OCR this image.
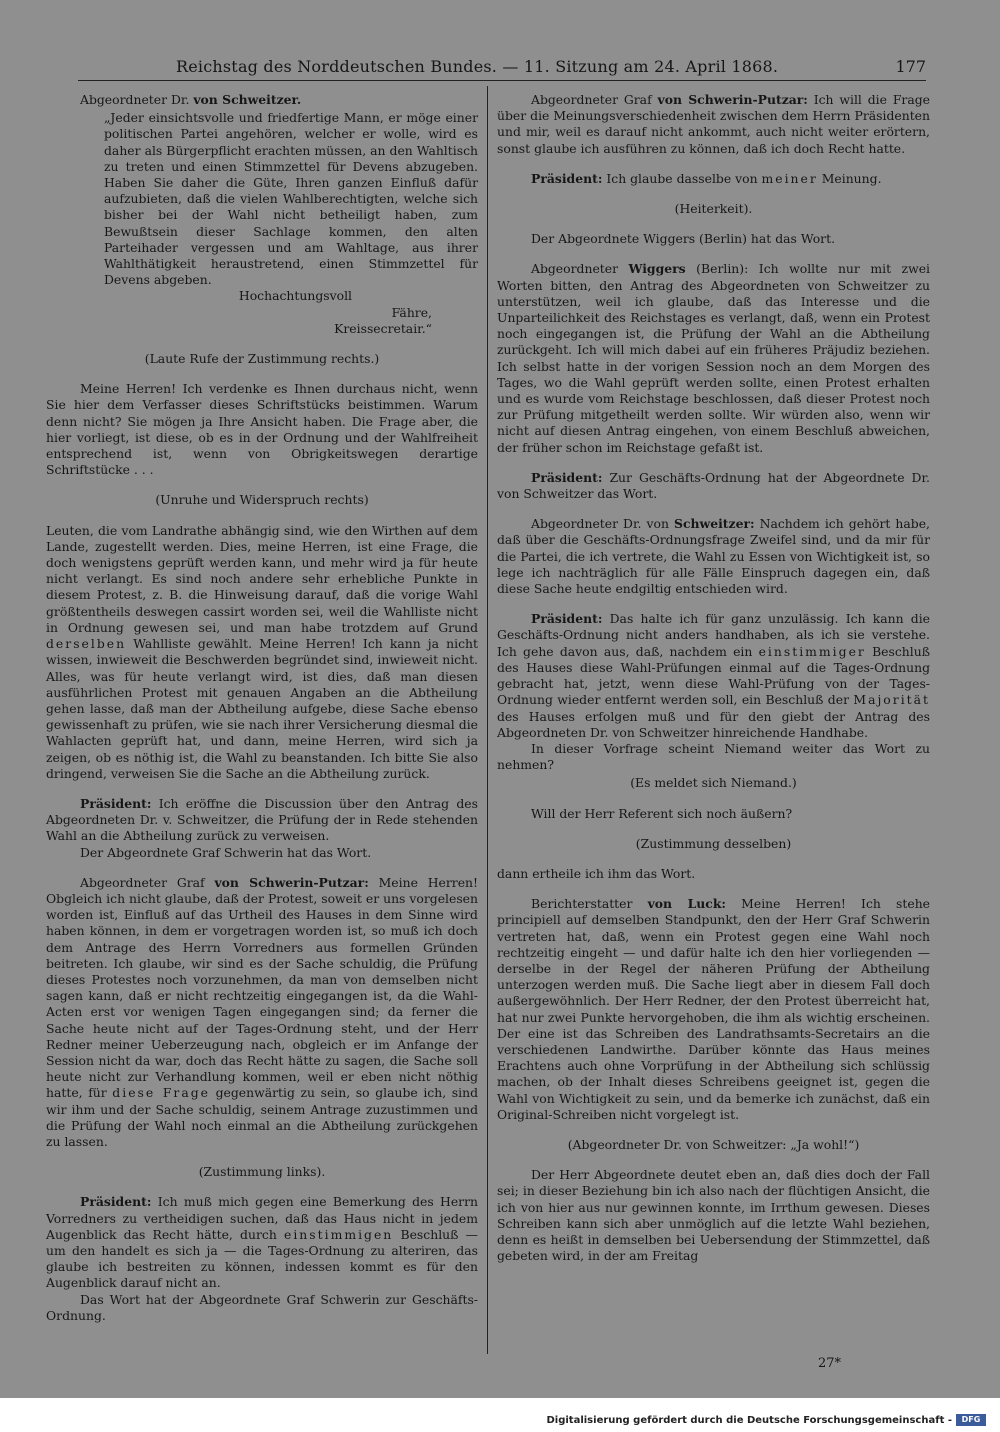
Reichstag des Norddeutschen Bundes. — 11. Sitzung am 24. April 1868.	177
Abgeordneter Dr. von Schweitzer.
„Jeder einsichtsvolle und friedfertige Mann, er möge einer politischen Partei angehören, welcher er wolle, wird es daher als Bürgerpflicht erachten müssen, an den Wahltisch zu treten und einen Stimmzettel für Devens abzugeben. Haben Sie daher die Güte, Ihren ganzen Einfluß dafür aufzubieten, daß die vielen Wahlberechtigten, welche sich bisher bei der Wahl nicht betheiligt haben, zum Bewußtsein dieser Sachlage kommen, den alten Parteihader vergessen und am Wahltage, aus ihrer Wahlthätigkeit heraustretend, einen Stimmzettel für Devens abgeben.
Hochachtungsvoll
Fähre,
Kreissecretair.“
(Laute Rufe der Zustimmung rechts.)
Meine Herren! Ich verdenke es Ihnen durchaus nicht, wenn Sie hier dem Verfasser dieses Schriftstücks beistimmen. Warum denn nicht? Sie mögen ja Ihre Ansicht haben. Die Frage aber, die hier vorliegt, ist diese, ob es in der Ordnung und der Wahlfreiheit entsprechend ist, wenn von Obrigkeitswegen derartige Schriftstücke . . .
(Unruhe und Widerspruch rechts)
Leuten, die vom Landrathe abhängig sind, wie den Wirthen auf dem Lande, zugestellt werden. Dies, meine Herren, ist eine Frage, die doch wenigstens geprüft werden kann, und mehr wird ja für heute nicht verlangt. Es sind noch andere sehr erhebliche Punkte in diesem Protest, z. B. die Hinweisung darauf, daß die vorige Wahl größtentheils deswegen cassirt worden sei, weil die Wahlliste nicht in Ordnung gewesen sei, und man habe trotzdem auf Grund derselben Wahlliste gewählt. Meine Herren! Ich kann ja nicht wissen, inwieweit die Beschwerden begründet sind, inwieweit nicht. Alles, was für heute verlangt wird, ist dies, daß man diesen ausführlichen Protest mit genauen Angaben an die Abtheilung gehen lasse, daß man der Abtheilung aufgebe, diese Sache ebenso gewissenhaft zu prüfen, wie sie nach ihrer Versicherung diesmal die Wahlacten geprüft hat, und dann, meine Herren, wird sich ja zeigen, ob es nöthig ist, die Wahl zu beanstanden. Ich bitte Sie also dringend, verweisen Sie die Sache an die Abtheilung zurück.
Präsident: Ich eröffne die Discussion über den Antrag des Abgeordneten Dr. v. Schweitzer, die Prüfung der in Rede stehenden Wahl an die Abtheilung zurück zu verweisen.
Der Abgeordnete Graf Schwerin hat das Wort.
Abgeordneter Graf von Schwerin-Putzar: Meine Herren! Obgleich ich nicht glaube, daß der Protest, soweit er uns vorgelesen worden ist, Einfluß auf das Urtheil des Hauses in dem Sinne wird haben können, in dem er vorgetragen worden ist, so muß ich doch dem Antrage des Herrn Vorredners aus formellen Gründen beitreten. Ich glaube, wir sind es der Sache schuldig, die Prüfung dieses Protestes noch vorzunehmen, da man von demselben nicht sagen kann, daß er nicht rechtzeitig eingegangen ist, da die Wahl-Acten erst vor wenigen Tagen eingegangen sind; da ferner die Sache heute nicht auf der Tages-Ordnung steht, und der Herr Redner meiner Ueberzeugung nach, obgleich er im Anfange der Session nicht da war, doch das Recht hätte zu sagen, die Sache soll heute nicht zur Verhandlung kommen, weil er eben nicht nöthig hatte, für diese Frage gegenwärtig zu sein, so glaube ich, sind wir ihm und der Sache schuldig, seinem Antrage zuzustimmen und die Prüfung der Wahl noch einmal an die Abtheilung zurückgehen zu lassen.
(Zustimmung links).
Präsident: Ich muß mich gegen eine Bemerkung des Herrn Vorredners zu vertheidigen suchen, daß das Haus nicht in jedem Augenblick das Recht hätte, durch einstimmigen Beschluß — um den handelt es sich ja — die Tages-Ordnung zu alteriren, das glaube ich bestreiten zu können, indessen kommt es für den Augenblick darauf nicht an.
Das Wort hat der Abgeordnete Graf Schwerin zur Geschäfts-Ordnung.
Abgeordneter Graf von Schwerin-Putzar: Ich will die Frage über die Meinungsverschiedenheit zwischen dem Herrn Präsidenten und mir, weil es darauf nicht ankommt, auch nicht weiter erörtern, sonst glaube ich ausführen zu können, daß ich doch Recht hatte.
Präsident: Ich glaube dasselbe von meiner Meinung.
(Heiterkeit).
Der Abgeordnete Wiggers (Berlin) hat das Wort.
Abgeordneter Wiggers (Berlin): Ich wollte nur mit zwei Worten bitten, den Antrag des Abgeordneten von Schweitzer zu unterstützen, weil ich glaube, daß das Interesse und die Unparteilichkeit des Reichstages es verlangt, daß, wenn ein Protest noch eingegangen ist, die Prüfung der Wahl an die Abtheilung zurückgeht. Ich will mich dabei auf ein früheres Präjudiz beziehen. Ich selbst hatte in der vorigen Session noch an dem Morgen des Tages, wo die Wahl geprüft werden sollte, einen Protest erhalten und es wurde vom Reichstage beschlossen, daß dieser Protest noch zur Prüfung mitgetheilt werden sollte. Wir würden also, wenn wir nicht auf diesen Antrag eingehen, von einem Beschluß abweichen, der früher schon im Reichstage gefaßt ist.
Präsident: Zur Geschäfts-Ordnung hat der Abgeordnete Dr. von Schweitzer das Wort.
Abgeordneter Dr. von Schweitzer: Nachdem ich gehört habe, daß über die Geschäfts-Ordnungsfrage Zweifel sind, und da mir für die Partei, die ich vertrete, die Wahl zu Essen von Wichtigkeit ist, so lege ich nachträglich für alle Fälle Einspruch dagegen ein, daß diese Sache heute endgiltig entschieden wird.
Präsident: Das halte ich für ganz unzulässig. Ich kann die Geschäfts-Ordnung nicht anders handhaben, als ich sie verstehe. Ich gehe davon aus, daß, nachdem ein einstimmiger Beschluß des Hauses diese Wahl-Prüfungen einmal auf die Tages-Ordnung gebracht hat, jetzt, wenn diese Wahl-Prüfung von der Tages-Ordnung wieder entfernt werden soll, ein Beschluß der Majorität des Hauses erfolgen muß und für den giebt der Antrag des Abgeordneten Dr. von Schweitzer hinreichende Handhabe.
In dieser Vorfrage scheint Niemand weiter das Wort zu nehmen?
(Es meldet sich Niemand.)
Will der Herr Referent sich noch äußern?
(Zustimmung desselben)
dann ertheile ich ihm das Wort.
Berichterstatter von Luck: Meine Herren! Ich stehe principiell auf demselben Standpunkt, den der Herr Graf Schwerin vertreten hat, daß, wenn ein Protest gegen eine Wahl noch rechtzeitig eingeht — und dafür halte ich den hier vorliegenden — derselbe in der Regel der näheren Prüfung der Abtheilung unterzogen werden muß. Die Sache liegt aber in diesem Fall doch außergewöhnlich. Der Herr Redner, der den Protest überreicht hat, hat nur zwei Punkte hervorgehoben, die ihm als wichtig erscheinen. Der eine ist das Schreiben des Landrathsamts-Secretairs an die verschiedenen Landwirthe. Darüber könnte das Haus meines Erachtens auch ohne Vorprüfung in der Abtheilung sich schlüssig machen, ob der Inhalt dieses Schreibens geeignet ist, gegen die Wahl von Wichtigkeit zu sein, und da bemerke ich zunächst, daß ein Original-Schreiben nicht vorgelegt ist.
(Abgeordneter Dr. von Schweitzer: „Ja wohl!“)
Der Herr Abgeordnete deutet eben an, daß dies doch der Fall sei; in dieser Beziehung bin ich also nach der flüchtigen Ansicht, die ich von hier aus nur gewinnen konnte, im Irrthum gewesen. Dieses Schreiben kann sich aber unmöglich auf die letzte Wahl beziehen, denn es heißt in demselben bei Uebersendung der Stimmzettel, daß gebeten wird, in der am Freitag
27*
Digitalisierung gefördert durch die Deutsche Forschungsgemeinschaft -	DFG
